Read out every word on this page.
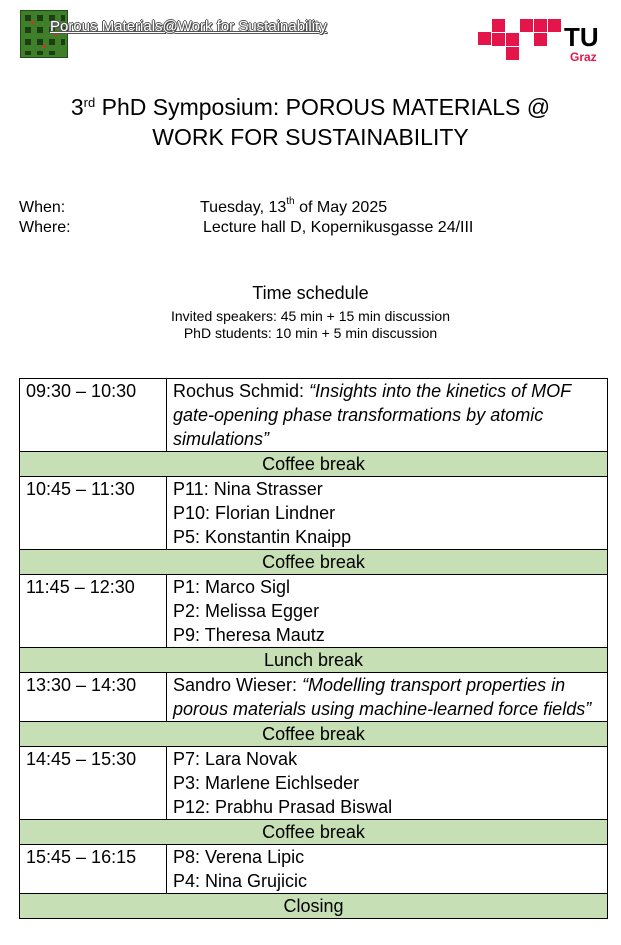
Porous Materials@Work for Sustainability	TU
Graz
3rd PhD Symposium: POROUS MATERIALS @
WORK FOR SUSTAINABILITY
When:	Tuesday, 13th of May 2025
Where:	Lecture hall D, Kopernikusgasse 24/III
Time schedule
Invited speakers: 45 min + 15 min discussion
PhD students: 10 min + 5 min discussion
09:30 – 10:30	Rochus Schmid: “Insights into the kinetics of MOF gate-opening phase transformations by atomic simulations”
Coffee break	
10:45 – 11:30	P11: Nina Strasser
P10: Florian Lindner
P5: Konstantin Knaipp

Coffee break	
11:45 – 12:30	P1: Marco Sigl
P2: Melissa Egger
P9: Theresa Mautz

Lunch break	
13:30 – 14:30	Sandro Wieser: “Modelling transport properties in porous materials using machine-learned force fields”
Coffee break	
14:45 – 15:30	P7: Lara Novak
P3: Marlene Eichlseder
P12: Prabhu Prasad Biswal

Coffee break	
15:45 – 16:15	P8: Verena Lipic
P4: Nina Grujicic

Closing	
